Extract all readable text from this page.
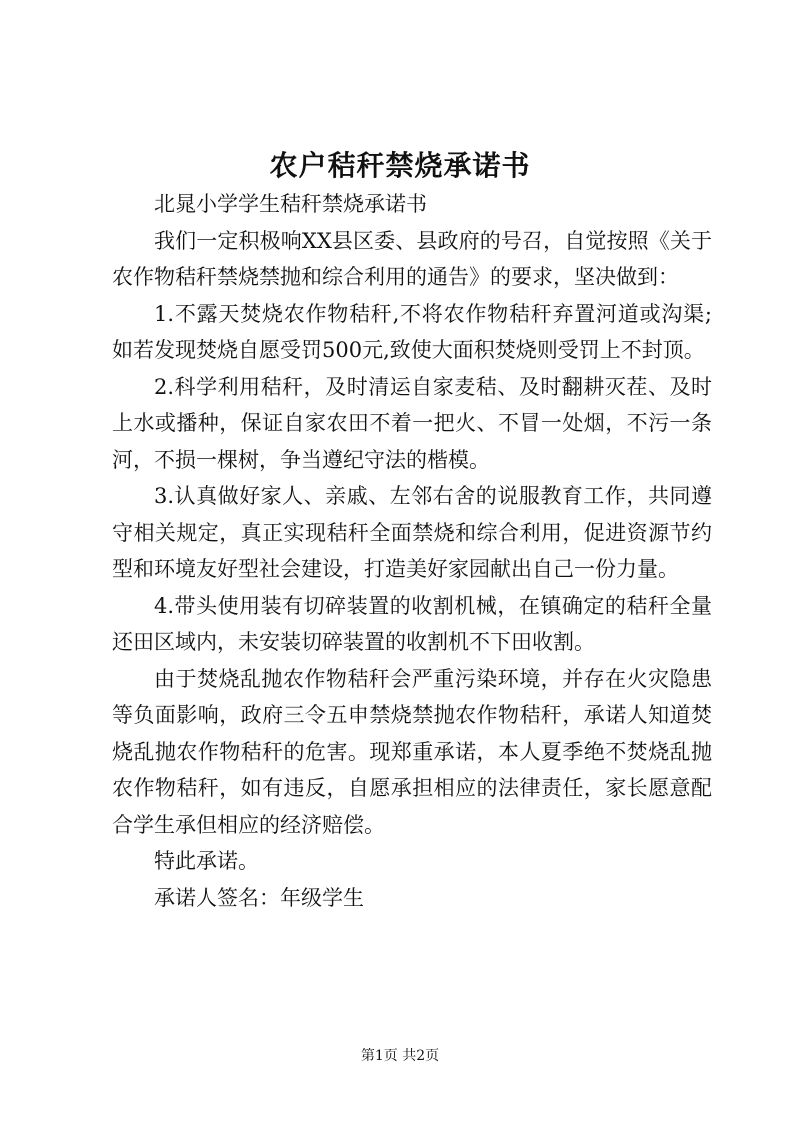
农户秸秆禁烧承诺书

北晁小学学生秸秆禁烧承诺书

我们一定积极响XX县区委、县政府的号召，自觉按照《关于农作物秸秆禁烧禁抛和综合利用的通告》的要求，坚决做到：

1.不露天焚烧农作物秸秆,不将农作物秸秆弃置河道或沟渠;如若发现焚烧自愿受罚500元,致使大面积焚烧则受罚上不封顶。

2.科学利用秸秆，及时清运自家麦秸、及时翻耕灭茬、及时上水或播种，保证自家农田不着一把火、不冒一处烟，不污一条河，不损一棵树，争当遵纪守法的楷模。

3.认真做好家人、亲戚、左邻右舍的说服教育工作，共同遵守相关规定，真正实现秸秆全面禁烧和综合利用，促进资源节约型和环境友好型社会建设，打造美好家园献出自己一份力量。

4.带头使用装有切碎装置的收割机械，在镇确定的秸秆全量还田区域内，未安装切碎装置的收割机不下田收割。

由于焚烧乱抛农作物秸秆会严重污染环境，并存在火灾隐患等负面影响，政府三令五申禁烧禁抛农作物秸秆，承诺人知道焚烧乱抛农作物秸秆的危害。现郑重承诺，本人夏季绝不焚烧乱抛农作物秸秆，如有违反，自愿承担相应的法律责任，家长愿意配合学生承但相应的经济赔偿。

特此承诺。

承诺人签名：年级学生

第1页 共2页
